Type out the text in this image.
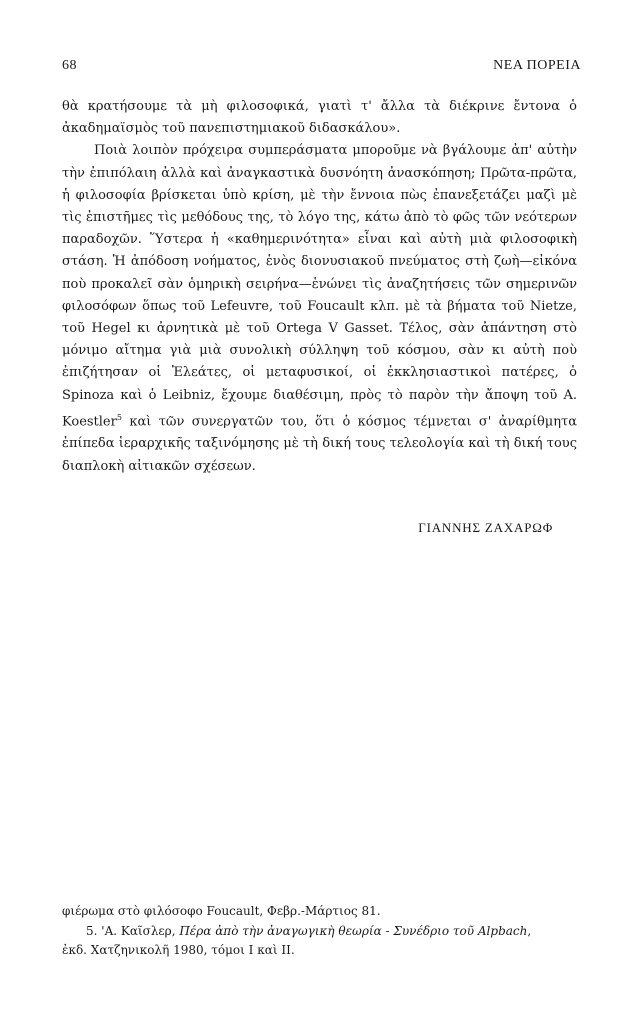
68	ΝΕΑ ΠΟΡΕΙΑ

θὰ κρατήσουμε τὰ μὴ φιλοσοφικά, γιατὶ τ' ἄλλα τὰ διέκρινε ἔντονα ὁ ἀκαδημαϊσμὸς τοῦ πανεπιστημιακοῦ διδασκάλου».

Ποιὰ λοιπὸν πρόχειρα συμπεράσματα μποροῦμε νὰ βγάλουμε ἀπ' αὐτὴν τὴν ἐπιπόλαιη ἀλλὰ καὶ ἀναγκαστικὰ δυσνόητη ἀνασκόπηση; Πρῶτα-πρῶτα, ἡ φιλοσοφία βρίσκεται ὑπὸ κρίση, μὲ τὴν ἔννοια πὼς ἐπανεξετάζει μαζὶ μὲ τὶς ἐπιστῆμες τὶς μεθόδους της, τὸ λόγο της, κάτω ἀπὸ τὸ φῶς τῶν νεότερων παραδοχῶν. Ὕστερα ἡ «καθημερινότητα» εἶναι καὶ αὐτὴ μιὰ φιλοσοφικὴ στάση. Ἡ ἀπόδοση νοήματος, ἑνὸς διονυσιακοῦ πνεύματος στὴ ζωὴ—εἰκόνα ποὺ προκαλεῖ σὰν ὁμηρικὴ σειρήνα—ἑνώνει τὶς ἀναζητήσεις τῶν σημερινῶν φιλοσόφων ὅπως τοῦ Lefeuvre, τοῦ Foucault κλπ. μὲ τὰ βήματα τοῦ Nietze, τοῦ Hegel κι ἀρνητικὰ μὲ τοῦ Ortega V Gasset. Τέλος, σὰν ἀπάντηση στὸ μόνιμο αἴτημα γιὰ μιὰ συνολικὴ σύλληψη τοῦ κόσμου, σὰν κι αὐτὴ ποὺ ἐπιζήτησαν οἱ Ἐλεάτες, οἱ μεταφυσικοί, οἱ ἐκκλησιαστικοὶ πατέρες, ὁ Spinoza καὶ ὁ Leibniz, ἔχουμε διαθέσιμη, πρὸς τὸ παρὸν τὴν ἄποψη τοῦ A. Koestler$^5$ καὶ τῶν συνεργατῶν του, ὅτι ὁ κόσμος τέμνεται σ' ἀναρίθμητα ἐπίπεδα ἱεραρχικῆς ταξινόμησης μὲ τὴ δική τους τελεολογία καὶ τὴ δική τους διαπλοκὴ αἰτιακῶν σχέσεων.

ΓΙΑΝΝΗΣ ΖΑΧΑΡΩΦ

φιέρωμα στὸ φιλόσοφο Foucault, Φεβρ.-Μάρτιος 81.

5. 'Α. Καῖσλερ, Πέρα ἀπὸ τὴν ἀναγωγικὴ θεωρία - Συνέδριο τοῦ Alpbach,

ἐκδ. Χατζηνικολῆ 1980, τόμοι Ι καὶ ΙΙ.
